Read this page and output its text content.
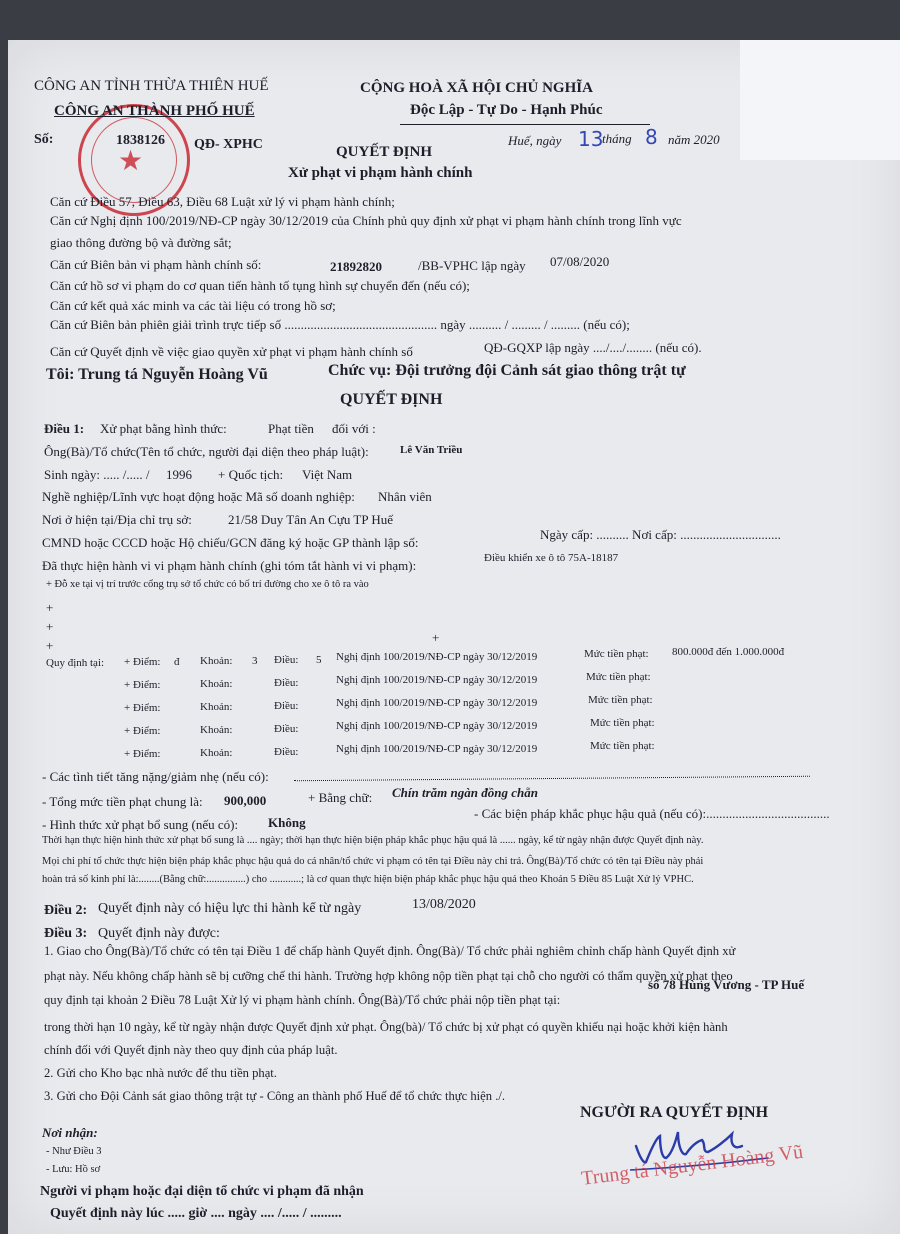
★
CÔNG AN TỈNH THỪA THIÊN HUẾ
CÔNG AN THÀNH PHỐ HUẾ
CỘNG HOÀ XÃ HỘI CHỦ NGHĨA
Độc Lập - Tự Do - Hạnh Phúc
Số:	1838126 QĐ- XPHC	Huế, ngày 13
tháng 8 năm 2020
QUYẾT ĐỊNH
Xử phạt vi phạm hành chính
Căn cứ Điều 57, Điều 63, Điều 68 Luật xử lý vi phạm hành chính;
Căn cứ Nghị định 100/2019/NĐ-CP ngày 30/12/2019 của Chính phủ quy định xử phạt vi phạm hành chính trong lĩnh vực
giao thông đường bộ và đường sắt;
Căn cứ Biên bản vi phạm hành chính số:	21892820	/BB-VPHC lập ngày 07/08/2020
Căn cứ hồ sơ vi phạm do cơ quan tiến hành tố tụng hình sự chuyển đến (nếu có);
Căn cứ kết quả xác minh va các tài liệu có trong hồ sơ;
Căn cứ Biên bản phiên giải trình trực tiếp số ............................................... ngày .......... / ......... / ......... (nếu có);
Căn cứ Quyết định về việc giao quyền xử phạt vi phạm hành chính số	QĐ-GQXP lập ngày ..../..../........ (nếu có).
Tôi: Trung tá Nguyễn Hoàng Vũ	Chức vụ: Đội trưởng đội Cảnh sát giao thông trật tự
QUYẾT ĐỊNH
Điều 1: Xử phạt bằng hình thức:	Phạt tiền đối với :
Ông(Bà)/Tổ chức(Tên tổ chức, người đại diện theo pháp luật):	Lê Văn Triều
Sinh ngày: ..... /..... / 1996 + Quốc tịch: Việt Nam
Nghề nghiệp/Lĩnh vực hoạt động hoặc Mã số doanh nghiệp: Nhân viên
Nơi ở hiện tại/Địa chỉ trụ sở:	21/58 Duy Tân An Cựu TP Huế
CMND hoặc CCCD hoặc Hộ chiếu/GCN đăng ký hoặc GP thành lập số:
Ngày cấp: .......... Nơi cấp: ...............................
Đã thực hiện hành vi vi phạm hành chính (ghi tóm tắt hành vi vi phạm):	Điều khiển xe ô tô 75A-18187
+ Đỗ xe tại vị trí trước cổng trụ sở tổ chức có bố trí đường cho xe ô tô ra vào
+
+
+
+
Quy định tại: + Điểm: đ Khoản: 3 Điều: 5 Nghị định 100/2019/NĐ-CP ngày 30/12/2019	Mức tiền phạt: 800.000đ đến 1.000.000đ
+ Điểm:	Khoản:	Điều:	Nghị định 100/2019/NĐ-CP ngày 30/12/2019	Mức tiền phạt:
+ Điểm:	Khoản:	Điều:	Nghị định 100/2019/NĐ-CP ngày 30/12/2019	Mức tiền phạt:
+ Điểm:	Khoản:	Điều:	Nghị định 100/2019/NĐ-CP ngày 30/12/2019	Mức tiền phạt:
+ Điểm:	Khoản:	Điều:	Nghị định 100/2019/NĐ-CP ngày 30/12/2019	Mức tiền phạt:
- Các tình tiết tăng nặng/giảm nhẹ (nếu có):
- Tổng mức tiền phạt chung là: 900,000	+ Bằng chữ: Chín trăm ngàn đồng chẵn
- Các biện pháp khắc phục hậu quả (nếu có):......................................
- Hình thức xử phạt bổ sung (nếu có): Không
Thời hạn thực hiện hình thức xử phạt bổ sung là .... ngày; thời hạn thực hiện biện pháp khắc phục hậu quả là ...... ngày, kể từ ngày nhận được Quyết định này.
Mọi chi phí tổ chức thực hiện biện pháp khắc phục hậu quả do cá nhân/tổ chức vi phạm có tên tại Điều này chi trả. Ông(Bà)/Tổ chức có tên tại Điều này phải
hoàn trả số kinh phí là:........(Bằng chữ:...............) cho ............; là cơ quan thực hiện biện pháp khắc phục hậu quả theo Khoản 5 Điều 85 Luật Xử lý VPHC.
Điều 2: Quyết định này có hiệu lực thi hành kể từ ngày	13/08/2020
Điều 3: Quyết định này được:
1. Giao cho Ông(Bà)/Tổ chức có tên tại Điều 1 để chấp hành Quyết định. Ông(Bà)/ Tổ chức phải nghiêm chỉnh chấp hành Quyết định xử
phạt này. Nếu không chấp hành sẽ bị cưỡng chế thi hành. Trường hợp không nộp tiền phạt tại chỗ cho người có thẩm quyền xử phạt theo
quy định tại khoản 2 Điều 78 Luật Xử lý vi phạm hành chính. Ông(Bà)/Tổ chức phải nộp tiền phạt tại:
số 78 Hùng Vương - TP Huế
trong thời hạn 10 ngày, kể từ ngày nhận được Quyết định xử phạt. Ông(bà)/ Tổ chức bị xử phạt có quyền khiếu nại hoặc khởi kiện hành
chính đối với Quyết định này theo quy định của pháp luật.
2. Gửi cho Kho bạc nhà nước để thu tiền phạt.
3. Gửi cho Đội Cảnh sát giao thông trật tự - Công an thành phố Huế để tổ chức thực hiện ./.
NGƯỜI RA QUYẾT ĐỊNH
Nơi nhận:
- Như Điều 3
- Lưu: Hồ sơ
Người vi phạm hoặc đại diện tổ chức vi phạm đã nhận
Quyết định này lúc ..... giờ .... ngày .... /..... / .........
Trung tá Nguyễn Hoàng Vũ
